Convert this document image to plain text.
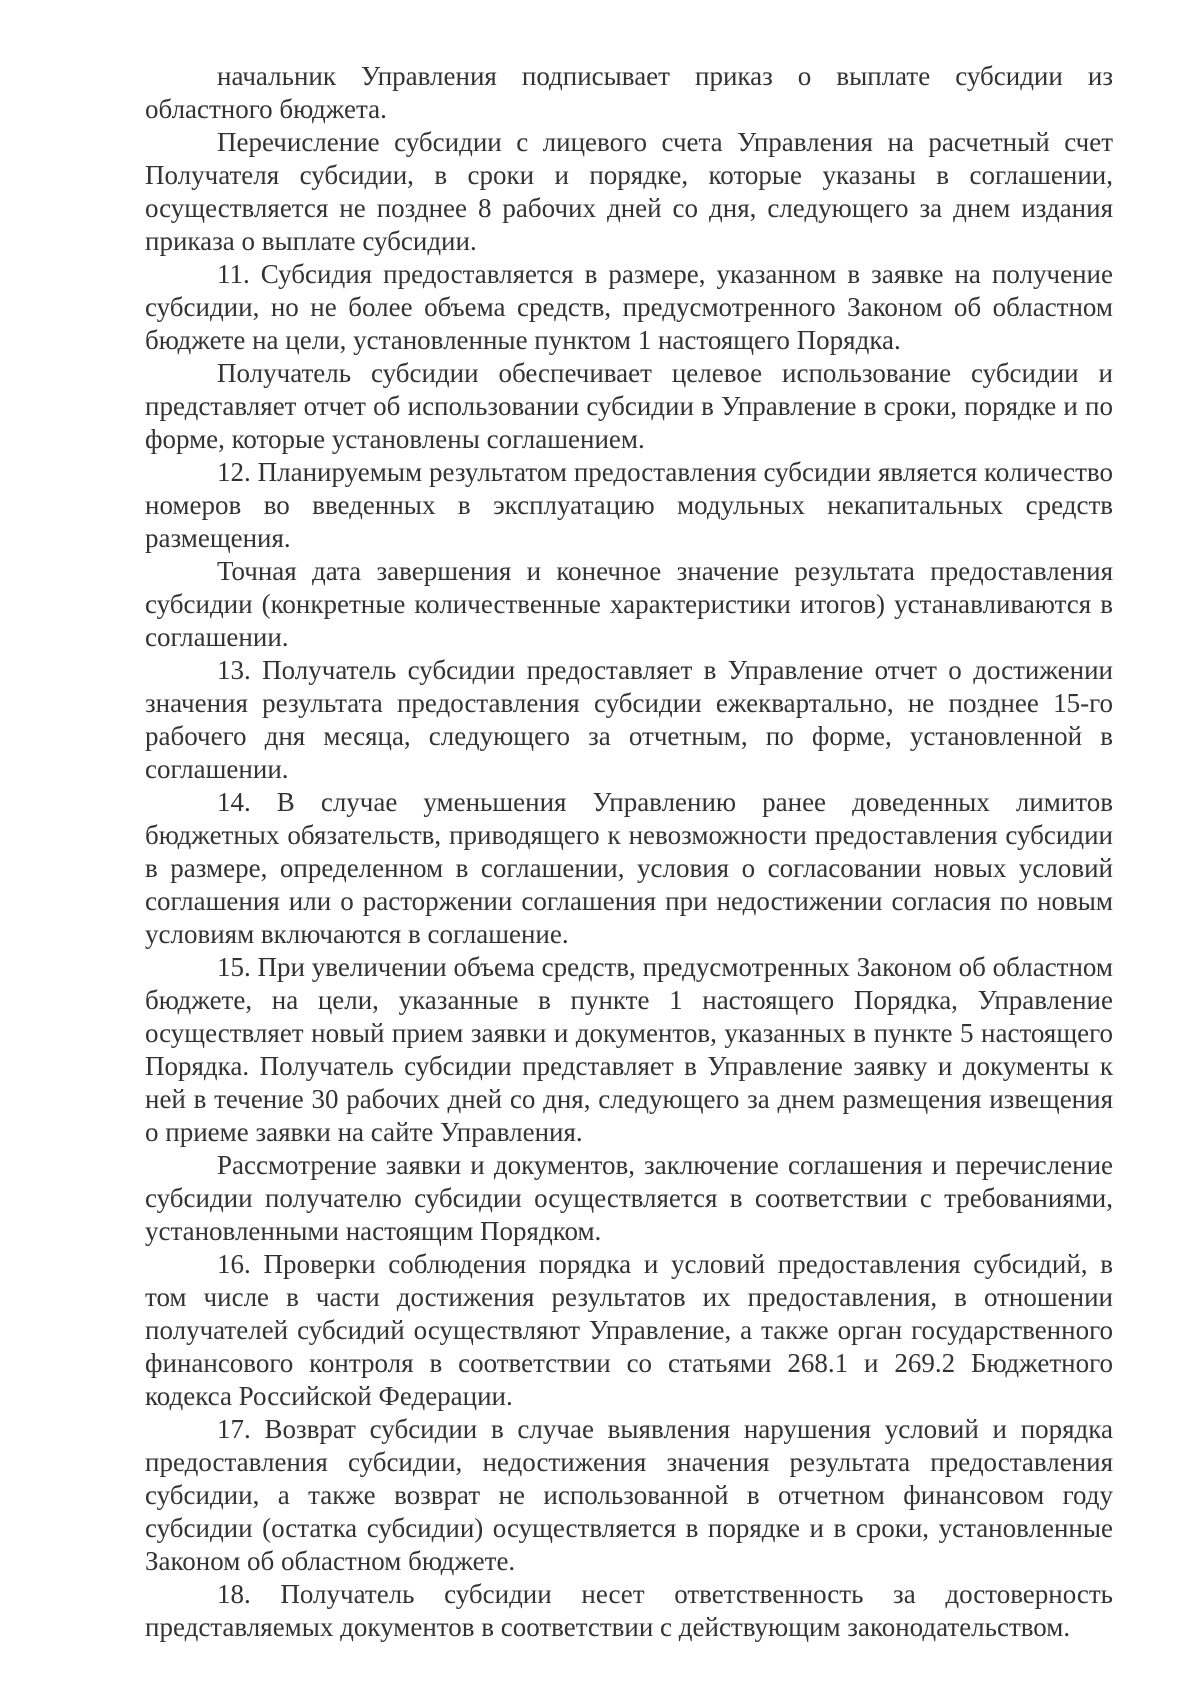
начальник Управления подписывает приказ о выплате субсидии из областного бюджета.

Перечисление субсидии с лицевого счета Управления на расчетный счет Получателя субсидии, в сроки и порядке, которые указаны в соглашении, осуществляется не позднее 8 рабочих дней со дня, следующего за днем издания приказа о выплате субсидии.

11. Субсидия предоставляется в размере, указанном в заявке на получение субсидии, но не более объема средств, предусмотренного Законом об областном бюджете на цели, установленные пунктом 1 настоящего Порядка.

Получатель субсидии обеспечивает целевое использование субсидии и представляет отчет об использовании субсидии в Управление в сроки, порядке и по форме, которые установлены соглашением.

12. Планируемым результатом предоставления субсидии является количество номеров во введенных в эксплуатацию модульных некапитальных средств размещения.

Точная дата завершения и конечное значение результата предоставления субсидии (конкретные количественные характеристики итогов) устанавливаются в соглашении.

13. Получатель субсидии предоставляет в Управление отчет о достижении значения результата предоставления субсидии ежеквартально, не позднее 15-го рабочего дня месяца, следующего за отчетным, по форме, установленной в соглашении.

14. В случае уменьшения Управлению ранее доведенных лимитов бюджетных обязательств, приводящего к невозможности предоставления субсидии в размере, определенном в соглашении, условия о согласовании новых условий соглашения или о расторжении соглашения при недостижении согласия по новым условиям включаются в соглашение.

15. При увеличении объема средств, предусмотренных Законом об областном бюджете, на цели, указанные в пункте 1 настоящего Порядка, Управление осуществляет новый прием заявки и документов, указанных в пункте 5 настоящего Порядка. Получатель субсидии представляет в Управление заявку и документы к ней в течение 30 рабочих дней со дня, следующего за днем размещения извещения о приеме заявки на сайте Управления.

Рассмотрение заявки и документов, заключение соглашения и перечисление субсидии получателю субсидии осуществляется в соответствии с требованиями, установленными настоящим Порядком.

16. Проверки соблюдения порядка и условий предоставления субсидий, в том числе в части достижения результатов их предоставления, в отношении получателей субсидий осуществляют Управление, а также орган государственного финансового контроля в соответствии со статьями 268.1 и 269.2 Бюджетного кодекса Российской Федерации.

17. Возврат субсидии в случае выявления нарушения условий и порядка предоставления субсидии, недостижения значения результата предоставления субсидии, а также возврат не использованной в отчетном финансовом году субсидии (остатка субсидии) осуществляется в порядке и в сроки, установленные Законом об областном бюджете.

18. Получатель субсидии несет ответственность за достоверность представляемых документов в соответствии с действующим законодательством.
